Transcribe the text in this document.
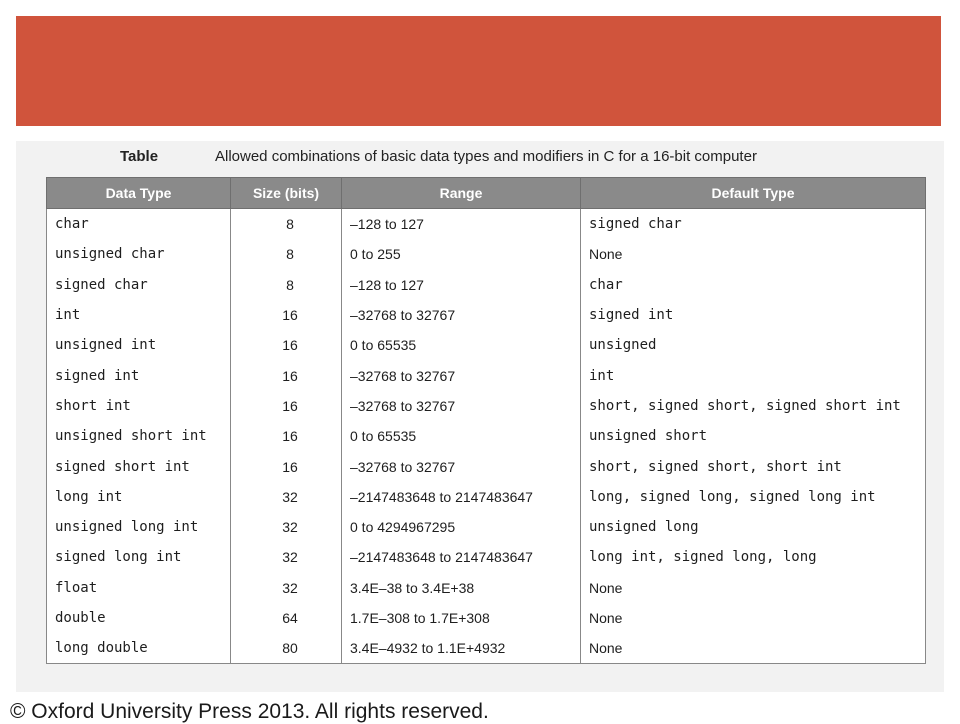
Table	Allowed combinations of basic data types and modifiers in C for a 16-bit computer
Data Type	Size (bits)	Range	Default Type
char	8	–128 to 127	signed char
unsigned char	8	0 to 255	None
signed char	8	–128 to 127	char
int	16	–32768 to 32767	signed int
unsigned int	16	0 to 65535	unsigned
signed int	16	–32768 to 32767	int
short int	16	–32768 to 32767	short, signed short, signed short int
unsigned short int	16	0 to 65535	unsigned short
signed short int	16	–32768 to 32767	short, signed short, short int
long int	32	–2147483648 to 2147483647	long, signed long, signed long int
unsigned long int	32	0 to 4294967295	unsigned long
signed long int	32	–2147483648 to 2147483647	long int, signed long, long
float	32	3.4E–38 to 3.4E+38	None
double	64	1.7E–308 to 1.7E+308	None
long double	80	3.4E–4932 to 1.1E+4932	None
© Oxford University Press 2013. All rights reserved.
